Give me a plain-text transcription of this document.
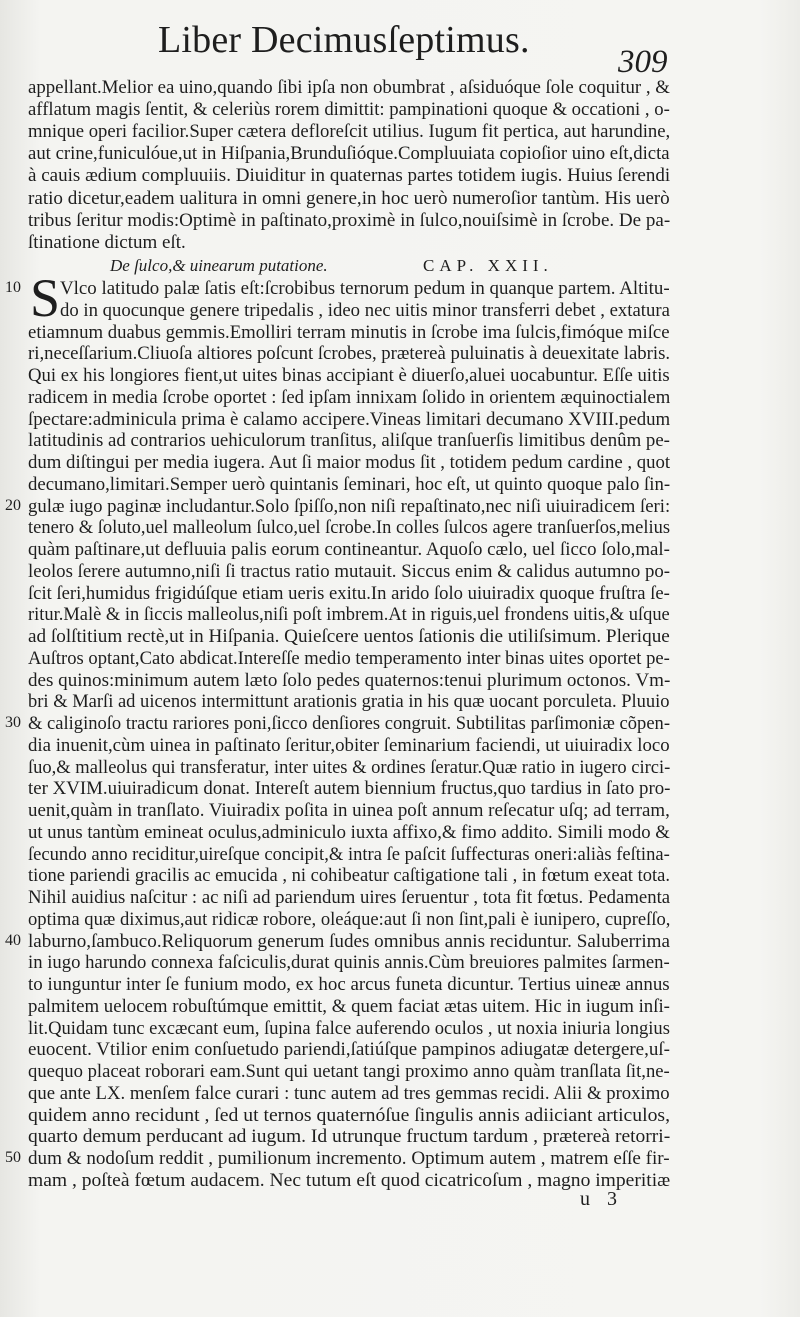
Liber Decimusſeptimus.
309
appellant.Melior ea uino,quando ſibi ipſa non obumbrat , aſsiduóque ſole coquitur , &
afflatum magis ſentit, & celeriùs rorem dimittit: pampinationi quoque & occationi , o-
mnique operi facilior.Super cætera defloreſcit utilius. Iugum fit pertica, aut harundine,
aut crine,funiculóue,ut in Hiſpania,Brunduſióque.Compluuiata copioſior uino eſt,dicta
à cauis ædium compluuiis. Diuiditur in quaternas partes totidem iugis. Huius ſerendi
ratio dicetur,eadem ualitura in omni genere,in hoc uerò numeroſior tantùm. His uerò
tribus ſeritur modis:Optimè in paſtinato,proximè in ſulco,nouiſsimè in ſcrobe. De pa-
ſtinatione dictum eſt.
De ſulco,& uinearum putatione.	CAP. XXII.
S Vlco latitudo palæ ſatis eſt:ſcrobibus ternorum pedum in quanque partem. Altitu-
do in quocunque genere tripedalis , ideo nec uitis minor transferri debet , extatura
etiamnum duabus gemmis.Emolliri terram minutis in ſcrobe ima ſulcis,fimóque miſce
ri,neceſſarium.Cliuoſa altiores poſcunt ſcrobes, prætereà puluinatis à deuexitate labris.
Qui ex his longiores fient,ut uites binas accipiant è diuerſo,aluei uocabuntur. Eſſe uitis
radicem in media ſcrobe oportet : ſed ipſam innixam ſolido in orientem æquinoctialem
ſpectare:adminicula prima è calamo accipere.Vineas limitari decumano XVIII.pedum
latitudinis ad contrarios uehiculorum tranſitus, aliſque tranſuerſis limitibus denûm pe-
dum diſtingui per media iugera. Aut ſi maior modus ſit , totidem pedum cardine , quot
decumano,limitari.Semper uerò quintanis ſeminari, hoc eſt, ut quinto quoque palo ſin-
gulæ iugo paginæ includantur.Solo ſpiſſo,non niſi repaſtinato,nec niſi uiuiradicem ſeri:
tenero & ſoluto,uel malleolum ſulco,uel ſcrobe.In colles ſulcos agere tranſuerſos,melius
quàm paſtinare,ut defluuia palis eorum contineantur. Aquoſo cælo, uel ſicco ſolo,mal-
leolos ſerere autumno,niſi ſi tractus ratio mutauit. Siccus enim & calidus autumno po-
ſcit ſeri,humidus frigidúſque etiam ueris exitu.In arido ſolo uiuiradix quoque fruſtra ſe-
ritur.Malè & in ſiccis malleolus,niſi poſt imbrem.At in riguis,uel frondens uitis,& uſque
ad ſolſtitium rectè,ut in Hiſpania. Quieſcere uentos ſationis die utiliſsimum. Plerique
Auſtros optant,Cato abdicat.Intereſſe medio temperamento inter binas uites oportet pe-
des quinos:minimum autem læto ſolo pedes quaternos:tenui plurimum octonos. Vm-
bri & Marſi ad uicenos intermittunt arationis gratia in his quæ uocant porculeta. Pluuio
& caliginoſo tractu rariores poni,ſicco denſiores congruit. Subtilitas parſimoniæ cõpen-
dia inuenit,cùm uinea in paſtinato ſeritur,obiter ſeminarium faciendi, ut uiuiradix loco
ſuo,& malleolus qui transferatur, inter uites & ordines ſeratur.Quæ ratio in iugero circi-
ter XVIM.uiuiradicum donat. Intereſt autem biennium fructus,quo tardius in ſato pro-
uenit,quàm in tranſlato. Viuiradix poſita in uinea poſt annum reſecatur uſq; ad terram,
ut unus tantùm emineat oculus,adminiculo iuxta affixo,& fimo addito. Simili modo &
ſecundo anno reciditur,uireſque concipit,& intra ſe paſcit ſuffecturas oneri:aliàs feſtina-
tione pariendi gracilis ac emucida , ni cohibeatur caſtigatione tali , in fœtum exeat tota.
Nihil auidius naſcitur : ac niſi ad pariendum uires ſeruentur , tota fit fœtus. Pedamenta
optima quæ diximus,aut ridicæ robore, oleáque:aut ſi non ſint,pali è iunipero, cupreſſo,
laburno,ſambuco.Reliquorum generum ſudes omnibus annis reciduntur. Saluberrima
in iugo harundo connexa faſciculis,durat quinis annis.Cùm breuiores palmites ſarmen-
to iunguntur inter ſe funium modo, ex hoc arcus funeta dicuntur. Tertius uineæ annus
palmitem uelocem robuſtúmque emittit, & quem faciat ætas uitem. Hic in iugum inſi-
lit.Quidam tunc excæcant eum, ſupina falce auferendo oculos , ut noxia iniuria longius
euocent. Vtilior enim conſuetudo pariendi,ſatiúſque pampinos adiugatæ detergere,uſ-
quequo placeat roborari eam.Sunt qui uetant tangi proximo anno quàm tranſlata ſit,ne-
que ante LX. menſem falce curari : tunc autem ad tres gemmas recidi. Alii & proximo
quidem anno recidunt , ſed ut ternos quaternóſue ſingulis annis adiiciant articulos,
quarto demum perducant ad iugum. Id utrunque fructum tardum , prætereà retorri-
dum & nodoſum reddit , pumilionum incremento. Optimum autem , matrem eſſe fir-
mam , poſteà fœtum audacem. Nec tutum eſt quod cicatricoſum , magno imperitiæ
10
20
30
40
50
u 3
